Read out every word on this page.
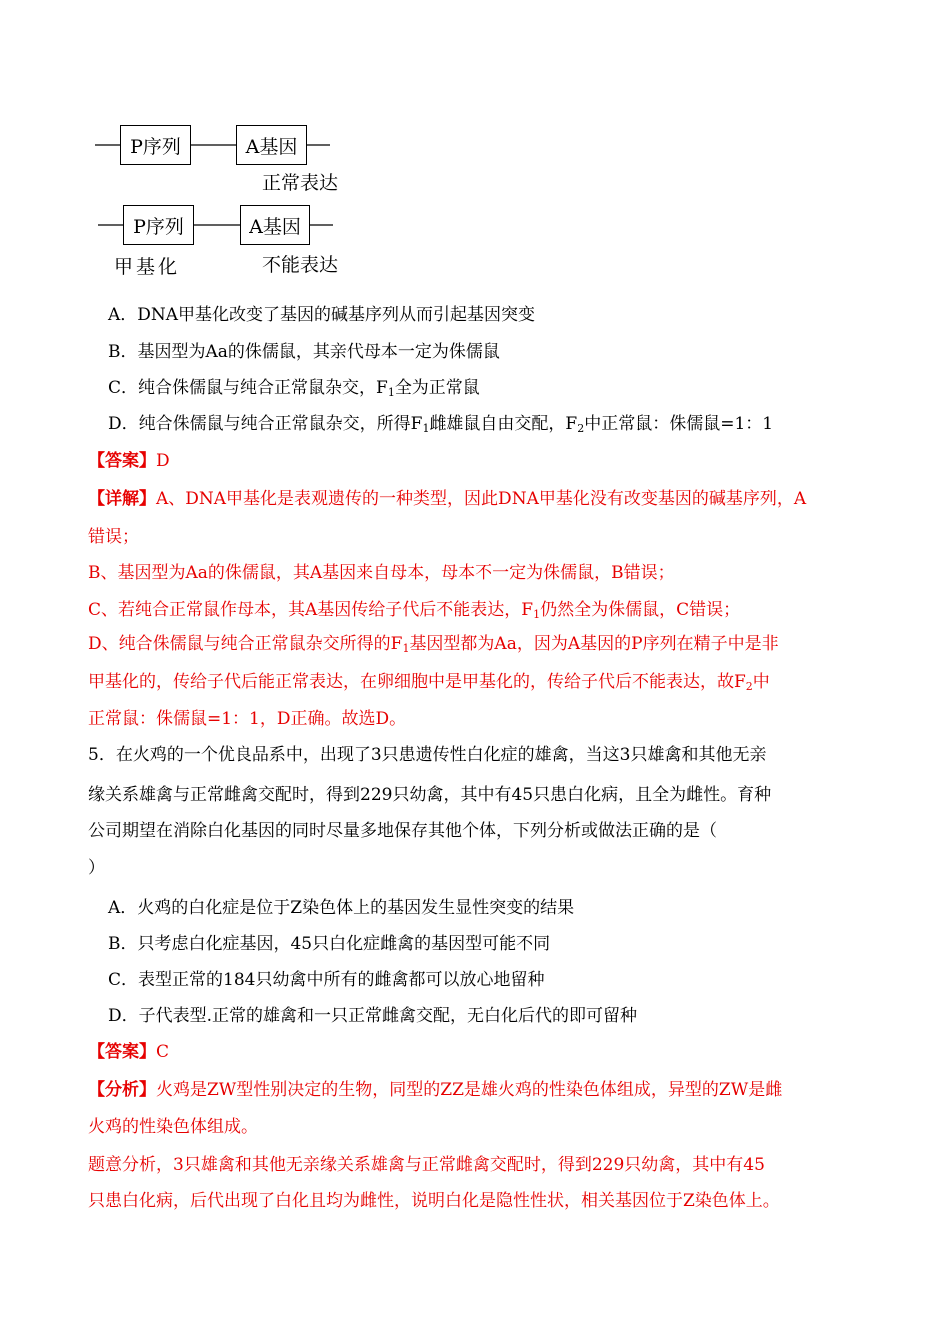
P序列	A基因
正常表达
P序列	A基因
甲基化	不能表达
A．DNA甲基化改变了基因的碱基序列从而引起基因突变
B．基因型为Aa的侏儒鼠，其亲代母本一定为侏儒鼠
C．纯合侏儒鼠与纯合正常鼠杂交，$F_1$全为正常鼠
D．纯合侏儒鼠与纯合正常鼠杂交，所得$F_1$雌雄鼠自由交配，$F_2$中正常鼠：侏儒鼠=1：1
【答案】D
【详解】A、DNA甲基化是表观遗传的一种类型，因此DNA甲基化没有改变基因的碱基序列，A
错误；
B、基因型为Aa的侏儒鼠，其A基因来自母本，母本不一定为侏儒鼠，B错误；
C、若纯合正常鼠作母本，其A基因传给子代后不能表达，$F_1$仍然全为侏儒鼠，C错误；
D、纯合侏儒鼠与纯合正常鼠杂交所得的$F_1$基因型都为Aa，因为A基因的P序列在精子中是非
甲基化的，传给子代后能正常表达，在卵细胞中是甲基化的，传给子代后不能表达，故$F_2$中
正常鼠：侏儒鼠=1：1，D正确。故选D。
5．在火鸡的一个优良品系中，出现了3只患遗传性白化症的雄禽，当这3只雄禽和其他无亲
缘关系雄禽与正常雌禽交配时，得到229只幼禽，其中有45只患白化病，且全为雌性。育种
公司期望在消除白化基因的同时尽量多地保存其他个体，下列分析或做法正确的是（
）
A．火鸡的白化症是位于Z染色体上的基因发生显性突变的结果
B．只考虑白化症基因，45只白化症雌禽的基因型可能不同
C．表型正常的184只幼禽中所有的雌禽都可以放心地留种
D．子代表型.正常的雄禽和一只正常雌禽交配，无白化后代的即可留种
【答案】C
【分析】火鸡是ZW型性别决定的生物，同型的ZZ是雄火鸡的性染色体组成，异型的ZW是雌
火鸡的性染色体组成。
题意分析，3只雄禽和其他无亲缘关系雄禽与正常雌禽交配时，得到229只幼禽，其中有45
只患白化病，后代出现了白化且均为雌性，说明白化是隐性性状，相关基因位于Z染色体上。
